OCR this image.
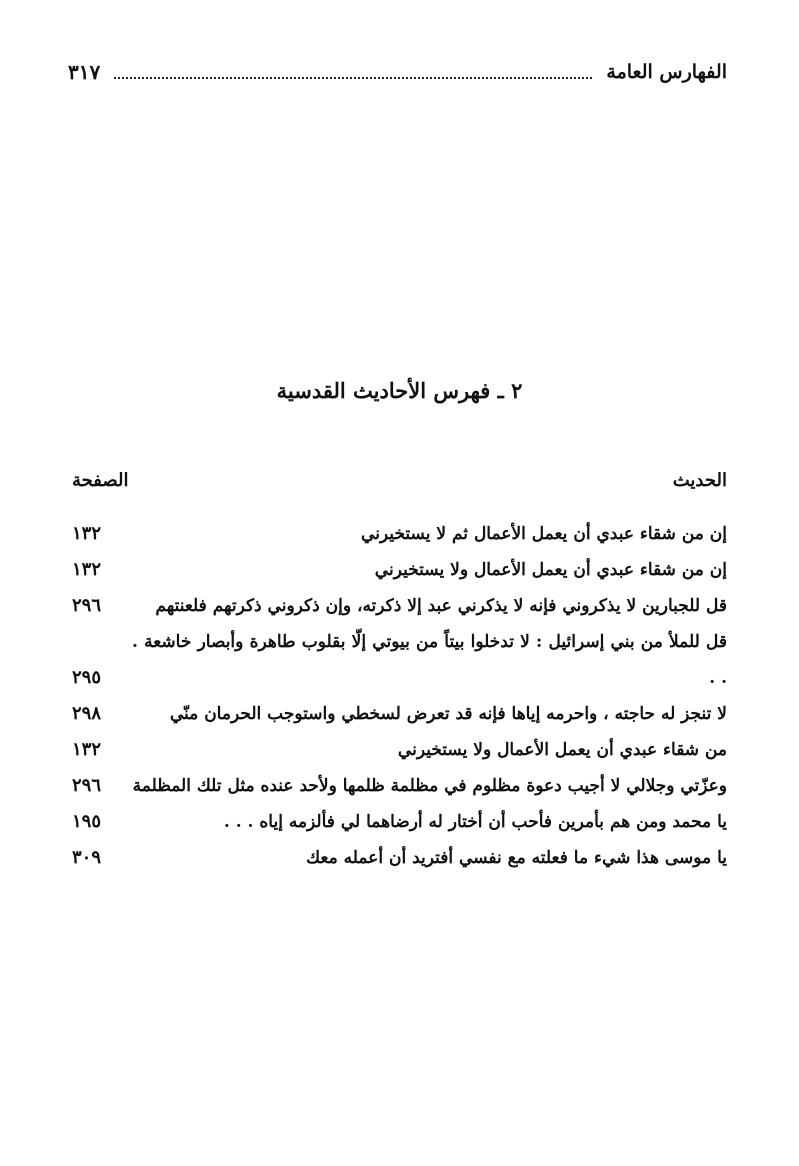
الفهارس العامة
٣١٧
٢ ـ فهرس الأحاديث القدسية
الحديث
الصفحة
إن من شقاء عبدي أن يعمل الأعمال ثم لا يستخيرني
١٣٢
إن من شقاء عبدي أن يعمل الأعمال ولا يستخيرني
١٣٢
قل للجبارين لا يذكروني فإنه لا يذكرني عبد إلا ذكرته، وإن ذكروني ذكرتهم فلعنتهم
٢٩٦
قل للملأ من بني إسرائيل : لا تدخلوا بيتاً من بيوتي إلّا بقلوب طاهرة وأبصار خاشعة . . .
٢٩٥
لا تنجز له حاجته ، واحرمه إياها فإنه قد تعرض لسخطي واستوجب الحرمان منّي
٢٩٨
من شقاء عبدي أن يعمل الأعمال ولا يستخيرني
١٣٢
وعزّتي وجلالي لا أجيب دعوة مظلوم في مظلمة ظلمها ولأحد عنده مثل تلك المظلمة
٢٩٦
يا محمد ومن هم بأمرين فأحب أن أختار له أرضاهما لي فألزمه إياه . . .
١٩٥
يا موسى هذا شيء ما فعلته مع نفسي أفتريد أن أعمله معك
٣٠٩
